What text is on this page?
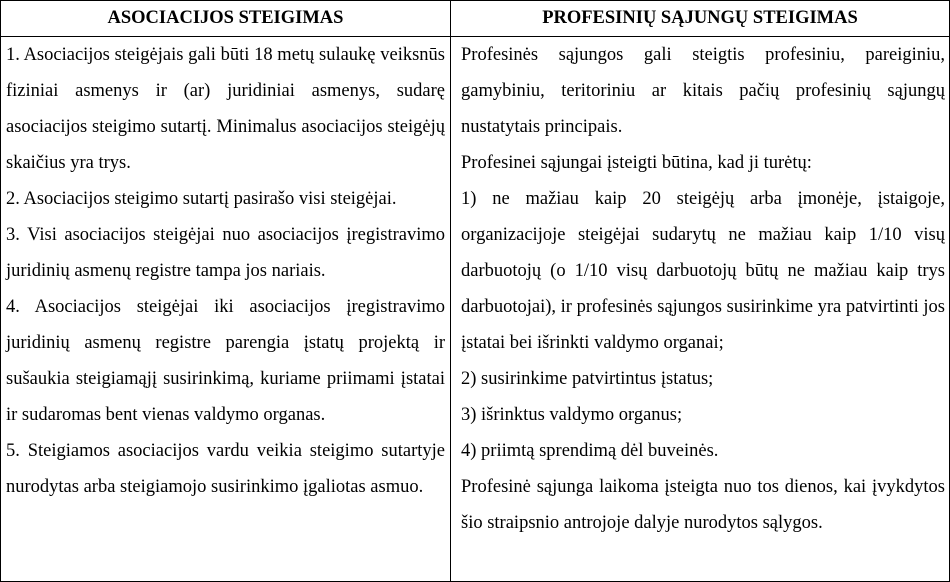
ASOCIACIJOS STEIGIMAS	PROFESINIŲ SĄJUNGŲ STEIGIMAS

1. Asociacijos steigėjais gali būti 18 metų sulaukę veiksnūs fiziniai asmenys ir (ar) juridiniai asmenys, sudarę asociacijos steigimo sutartį. Minimalus asociacijos steigėjų skaičius yra trys.

2. Asociacijos steigimo sutartį pasirašo visi steigėjai.

3. Visi asociacijos steigėjai nuo asociacijos įregistravimo juridinių asmenų registre tampa jos nariais.

4. Asociacijos steigėjai iki asociacijos įregistravimo juridinių asmenų registre parengia įstatų projektą ir sušaukia steigiamąjį susirinkimą, kuriame priimami įstatai ir sudaromas bent vienas valdymo organas.

5. Steigiamos asociacijos vardu veikia steigimo sutartyje nurodytas arba steigiamojo susirinkimo įgaliotas asmuo.

Profesinės sąjungos gali steigtis profesiniu, pareiginiu, gamybiniu, teritoriniu ar kitais pačių profesinių sąjungų nustatytais principais.

Profesinei sąjungai įsteigti būtina, kad ji turėtų:

1) ne mažiau kaip 20 steigėjų arba įmonėje, įstaigoje, organizacijoje steigėjai sudarytų ne mažiau kaip 1/10 visų darbuotojų (o 1/10 visų darbuotojų būtų ne mažiau kaip trys darbuotojai), ir profesinės sąjungos susirinkime yra patvirtinti jos įstatai bei išrinkti valdymo organai;

2) susirinkime patvirtintus įstatus;

3) išrinktus valdymo organus;

4) priimtą sprendimą dėl buveinės.

Profesinė sąjunga laikoma įsteigta nuo tos dienos, kai įvykdytos šio straipsnio antrojoje dalyje nurodytos sąlygos.
